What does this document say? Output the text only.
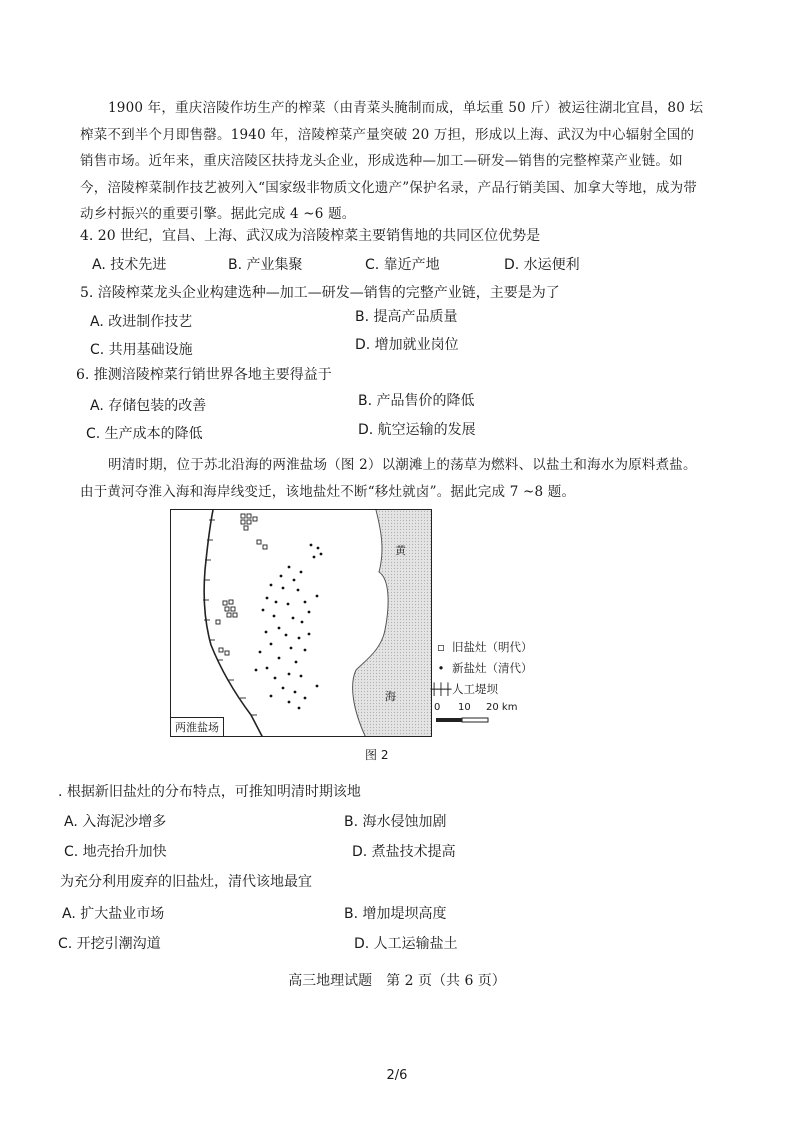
1900 年，重庆涪陵作坊生产的榨菜（由青菜头腌制而成，单坛重 50 斤）被运往湖北宜昌，80 坛榨菜不到半个月即售罄。1940 年，涪陵榨菜产量突破 20 万担，形成以上海、武汉为中心辐射全国的销售市场。近年来，重庆涪陵区扶持龙头企业，形成选种—加工—研发—销售的完整榨菜产业链。如今，涪陵榨菜制作技艺被列入“国家级非物质文化遗产”保护名录，产品行销美国、加拿大等地，成为带动乡村振兴的重要引擎。据此完成 4 ~6 题。
4. 20 世纪，宜昌、上海、武汉成为涪陵榨菜主要销售地的共同区位优势是
A. 技术先进	B. 产业集聚	C. 靠近产地	D. 水运便利
5. 涪陵榨菜龙头企业构建选种—加工—研发—销售的完整产业链，主要是为了
A. 改进制作技艺	B. 提高产品质量
C. 共用基础设施	D. 增加就业岗位
6. 推测涪陵榨菜行销世界各地主要得益于
A. 存储包装的改善	B. 产品售价的降低
C. 生产成本的降低	D. 航空运输的发展
明清时期，位于苏北沿海的两淮盐场（图 2）以潮滩上的荡草为燃料、以盐土和海水为原料煮盐。由于黄河夺淮入海和海岸线变迁，该地盐灶不断“移灶就卤”。据此完成 7 ~8 题。
黄
海
两淮盐场
▫ 旧盐灶（明代）
• 新盐灶（清代）
┼┼┼ 人工堤坝
0 10 20 km
图 2
. 根据新旧盐灶的分布特点，可推知明清时期该地
A. 入海泥沙增多	B. 海水侵蚀加剧
C. 地壳抬升加快	D. 煮盐技术提高
为充分利用废弃的旧盐灶，清代该地最宜
A. 扩大盐业市场	B. 增加堤坝高度
C. 开挖引潮沟道	D. 人工运输盐土
高三地理试题　第 2 页（共 6 页）
2/6
